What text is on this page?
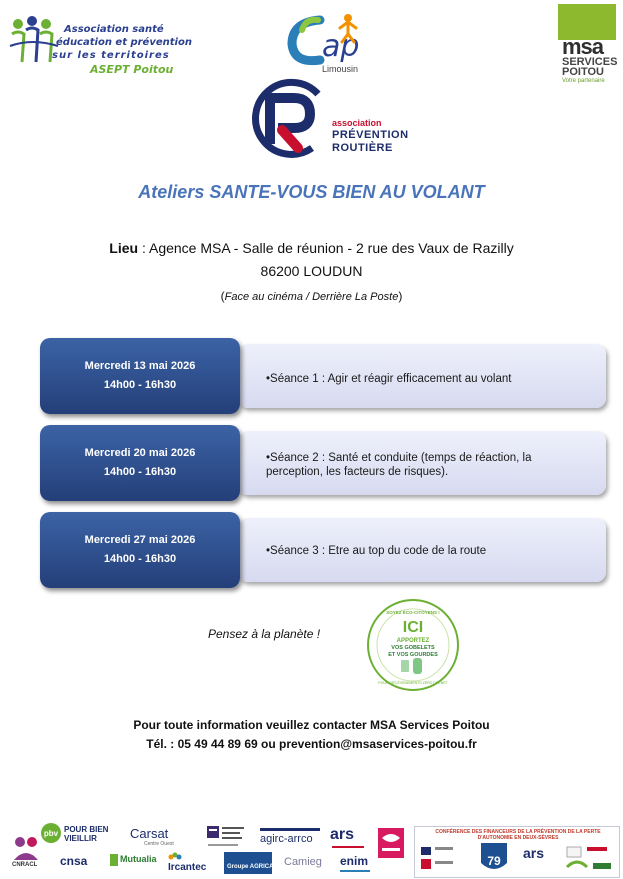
Association santé
éducation et prévention
sur les territoires
ASEPT Poitou
ap
Limousin
msa
SERVICES
POITOU
Votre partenaire
association
PRÉVENTION
ROUTIÈRE
Ateliers SANTE-VOUS BIEN AU VOLANT
Lieu : Agence MSA - Salle de réunion - 2 rue des Vaux de Razilly
86200 LOUDUN
(Face au cinéma / Derrière La Poste)
•Séance 1 : Agir et réagir efficacement au volant
Mercredi 13 mai 2026
14h00 - 16h30
•Séance 2 : Santé et conduite (temps de réaction, la perception, les facteurs de risques).
Mercredi 20 mai 2026
14h00 - 16h30
•Séance 3 : Etre au top du code de la route
Mercredi 27 mai 2026
14h00 - 16h30
Pensez à la planète !
SOYEZ ÉCO-CITOYENS !
ICI
APPORTEZ
VOS GOBELETS
ET VOS GOURDES
POUR DES ÉVÉNEMENTS ZÉRO DÉCHET
Pour toute information veuillez contacter MSA Services Poitou
Tél. : 05 49 44 89 69 ou prevention@msaservices-poitou.fr
CNRACL
pbv POUR BIEN VIEILLIR	Carsat
Centre Ouest	agirc-arrco ars
cnsa	Mutualia
Ircantec	Groupe AGRICA Camieg enim
CONFÉRENCE DES FINANCEURS DE LA PRÉVENTION DE LA PERTE D'AUTONOMIE EN DEUX-SÈVRES
79 ars
